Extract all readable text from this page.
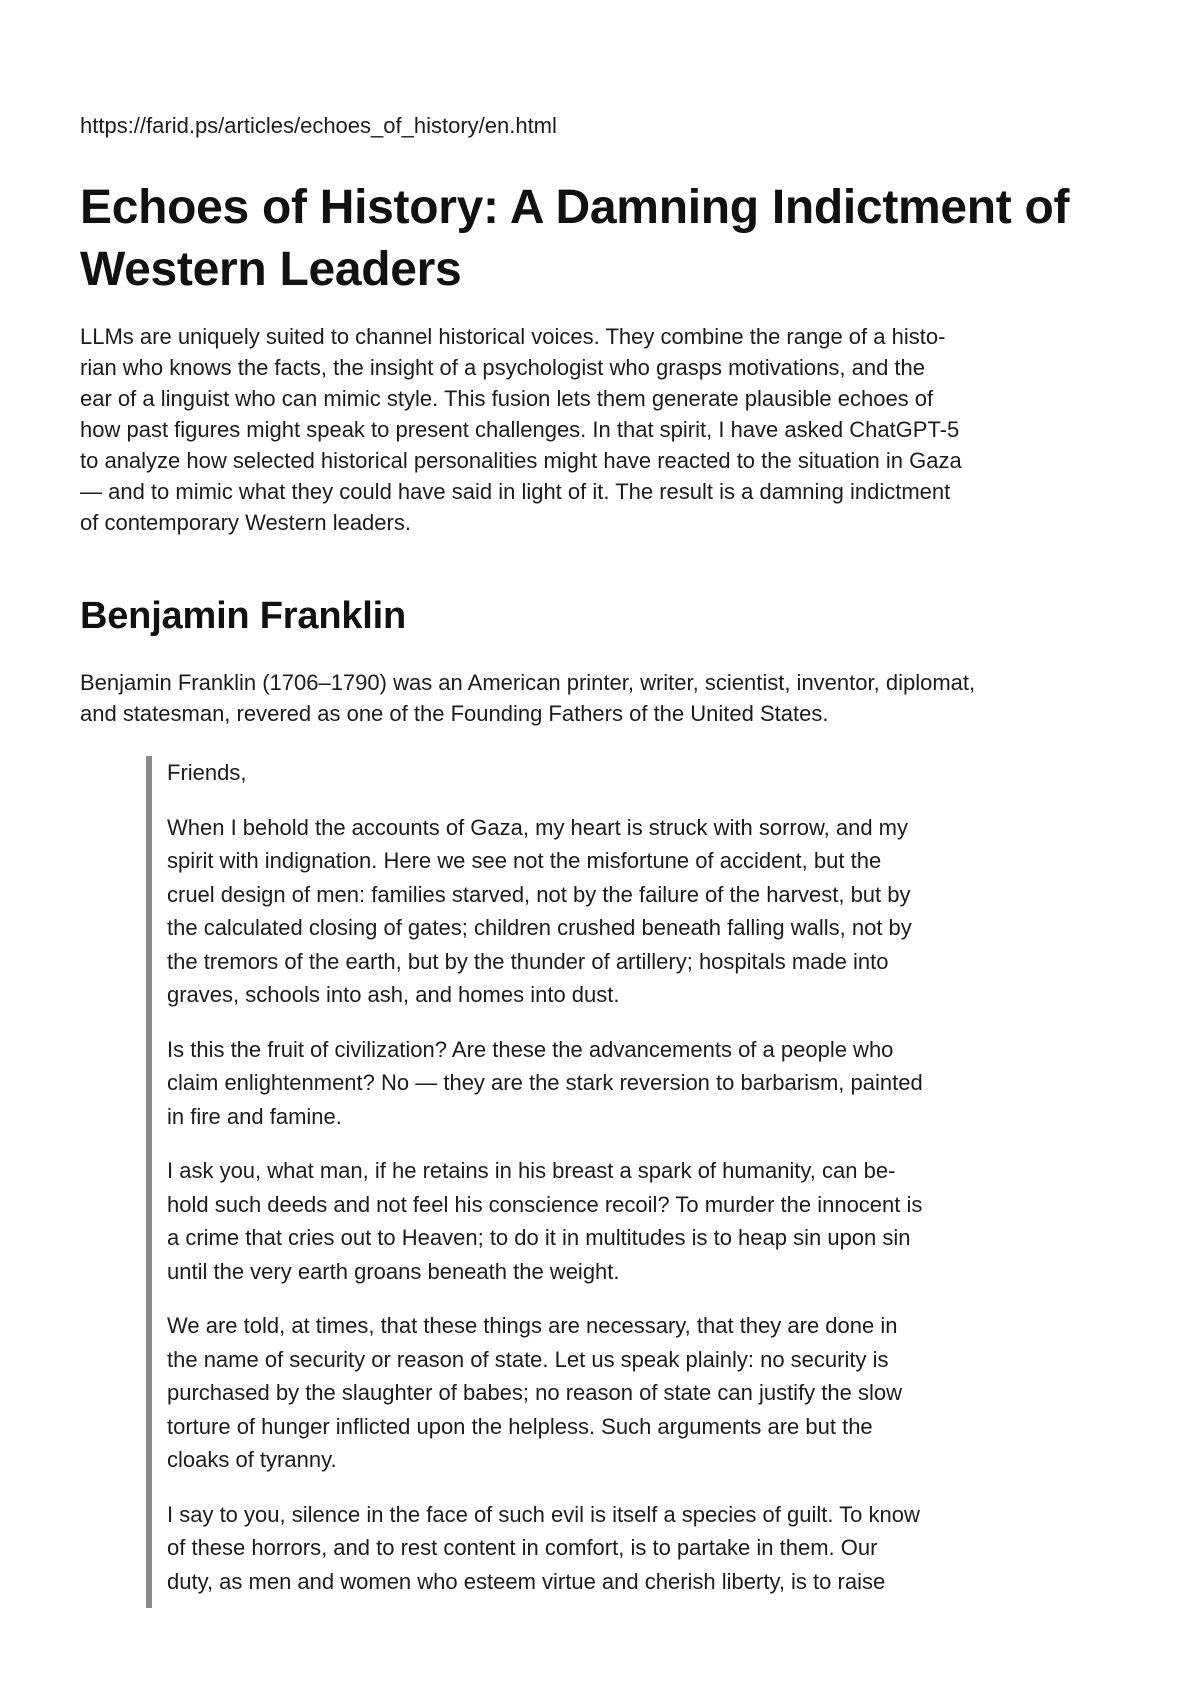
https://farid.ps/articles/echoes_of_history/en.html
Echoes of History: A Damning Indictment of Western Leaders
LLMs are uniquely suited to channel historical voices. They combine the range of a histo-
rian who knows the facts, the insight of a psychologist who grasps motivations, and the
ear of a linguist who can mimic style. This fusion lets them generate plausible echoes of
how past figures might speak to present challenges. In that spirit, I have asked ChatGPT-5
to analyze how selected historical personalities might have reacted to the situation in Gaza
— and to mimic what they could have said in light of it. The result is a damning indictment
of contemporary Western leaders.
Benjamin Franklin
Benjamin Franklin (1706–1790) was an American printer, writer, scientist, inventor, diplomat,
and statesman, revered as one of the Founding Fathers of the United States.
Friends,
When I behold the accounts of Gaza, my heart is struck with sorrow, and my
spirit with indignation. Here we see not the misfortune of accident, but the
cruel design of men: families starved, not by the failure of the harvest, but by
the calculated closing of gates; children crushed beneath falling walls, not by
the tremors of the earth, but by the thunder of artillery; hospitals made into
graves, schools into ash, and homes into dust.
Is this the fruit of civilization? Are these the advancements of a people who
claim enlightenment? No — they are the stark reversion to barbarism, painted
in fire and famine.
I ask you, what man, if he retains in his breast a spark of humanity, can be-
hold such deeds and not feel his conscience recoil? To murder the innocent is
a crime that cries out to Heaven; to do it in multitudes is to heap sin upon sin
until the very earth groans beneath the weight.
We are told, at times, that these things are necessary, that they are done in
the name of security or reason of state. Let us speak plainly: no security is
purchased by the slaughter of babes; no reason of state can justify the slow
torture of hunger inflicted upon the helpless. Such arguments are but the
cloaks of tyranny.
I say to you, silence in the face of such evil is itself a species of guilt. To know
of these horrors, and to rest content in comfort, is to partake in them. Our
duty, as men and women who esteem virtue and cherish liberty, is to raise
